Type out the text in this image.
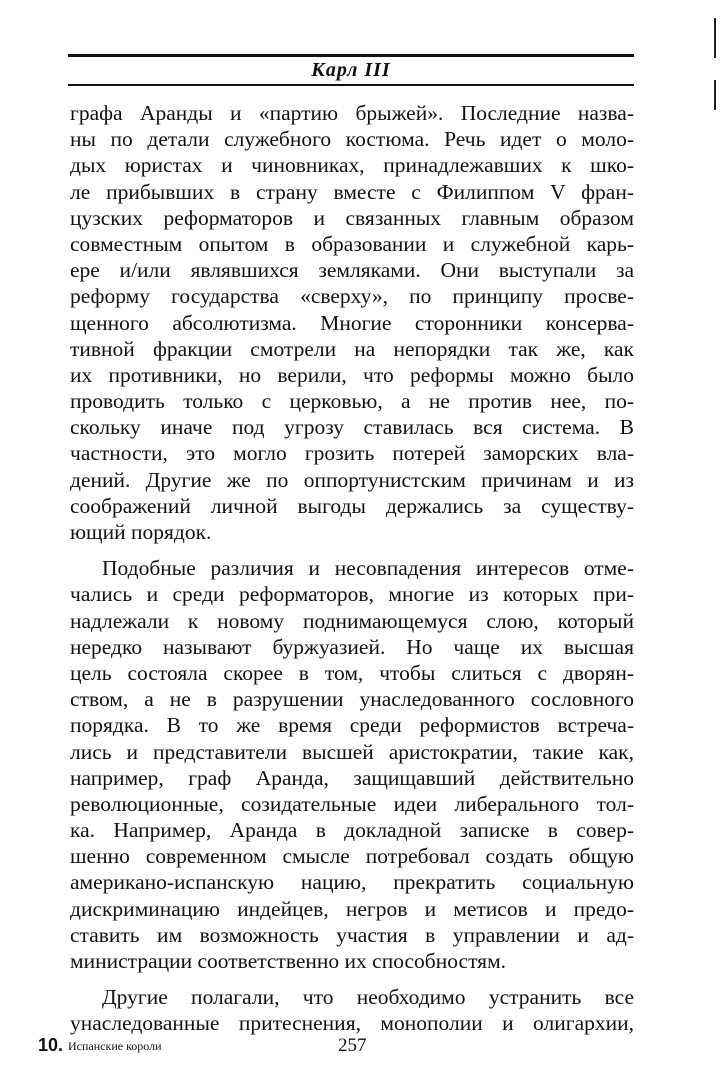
Карл III
графа Аранды и «партию брыжей». Последние назва-
ны по детали служебного костюма. Речь идет о моло-
дых юристах и чиновниках, принадлежавших к шко-
ле прибывших в страну вместе с Филиппом V фран-
цузских реформаторов и связанных главным образом
совместным опытом в образовании и служебной карь-
ере и/или являвшихся земляками. Они выступали за
реформу государства «сверху», по принципу просве-
щенного абсолютизма. Многие сторонники консерва-
тивной фракции смотрели на непорядки так же, как
их противники, но верили, что реформы можно было
проводить только с церковью, а не против нее, по-
скольку иначе под угрозу ставилась вся система. В
частности, это могло грозить потерей заморских вла-
дений. Другие же по оппортунистским причинам и из
соображений личной выгоды держались за существу-
ющий порядок.
Подобные различия и несовпадения интересов отме-
чались и среди реформаторов, многие из которых при-
надлежали к новому поднимающемуся слою, который
нередко называют буржуазией. Но чаще их высшая
цель состояла скорее в том, чтобы слиться с дворян-
ством, а не в разрушении унаследованного сословного
порядка. В то же время среди реформистов встреча-
лись и представители высшей аристократии, такие как,
например, граф Аранда, защищавший действительно
революционные, созидательные идеи либерального тол-
ка. Например, Аранда в докладной записке в совер-
шенно современном смысле потребовал создать общую
американо-испанскую нацию, прекратить социальную
дискриминацию индейцев, негров и метисов и предо-
ставить им возможность участия в управлении и ад-
министрации соответственно их способностям.
Другие полагали, что необходимо устранить все
унаследованные притеснения, монополии и олигархии,
10. Испанские короли	257
